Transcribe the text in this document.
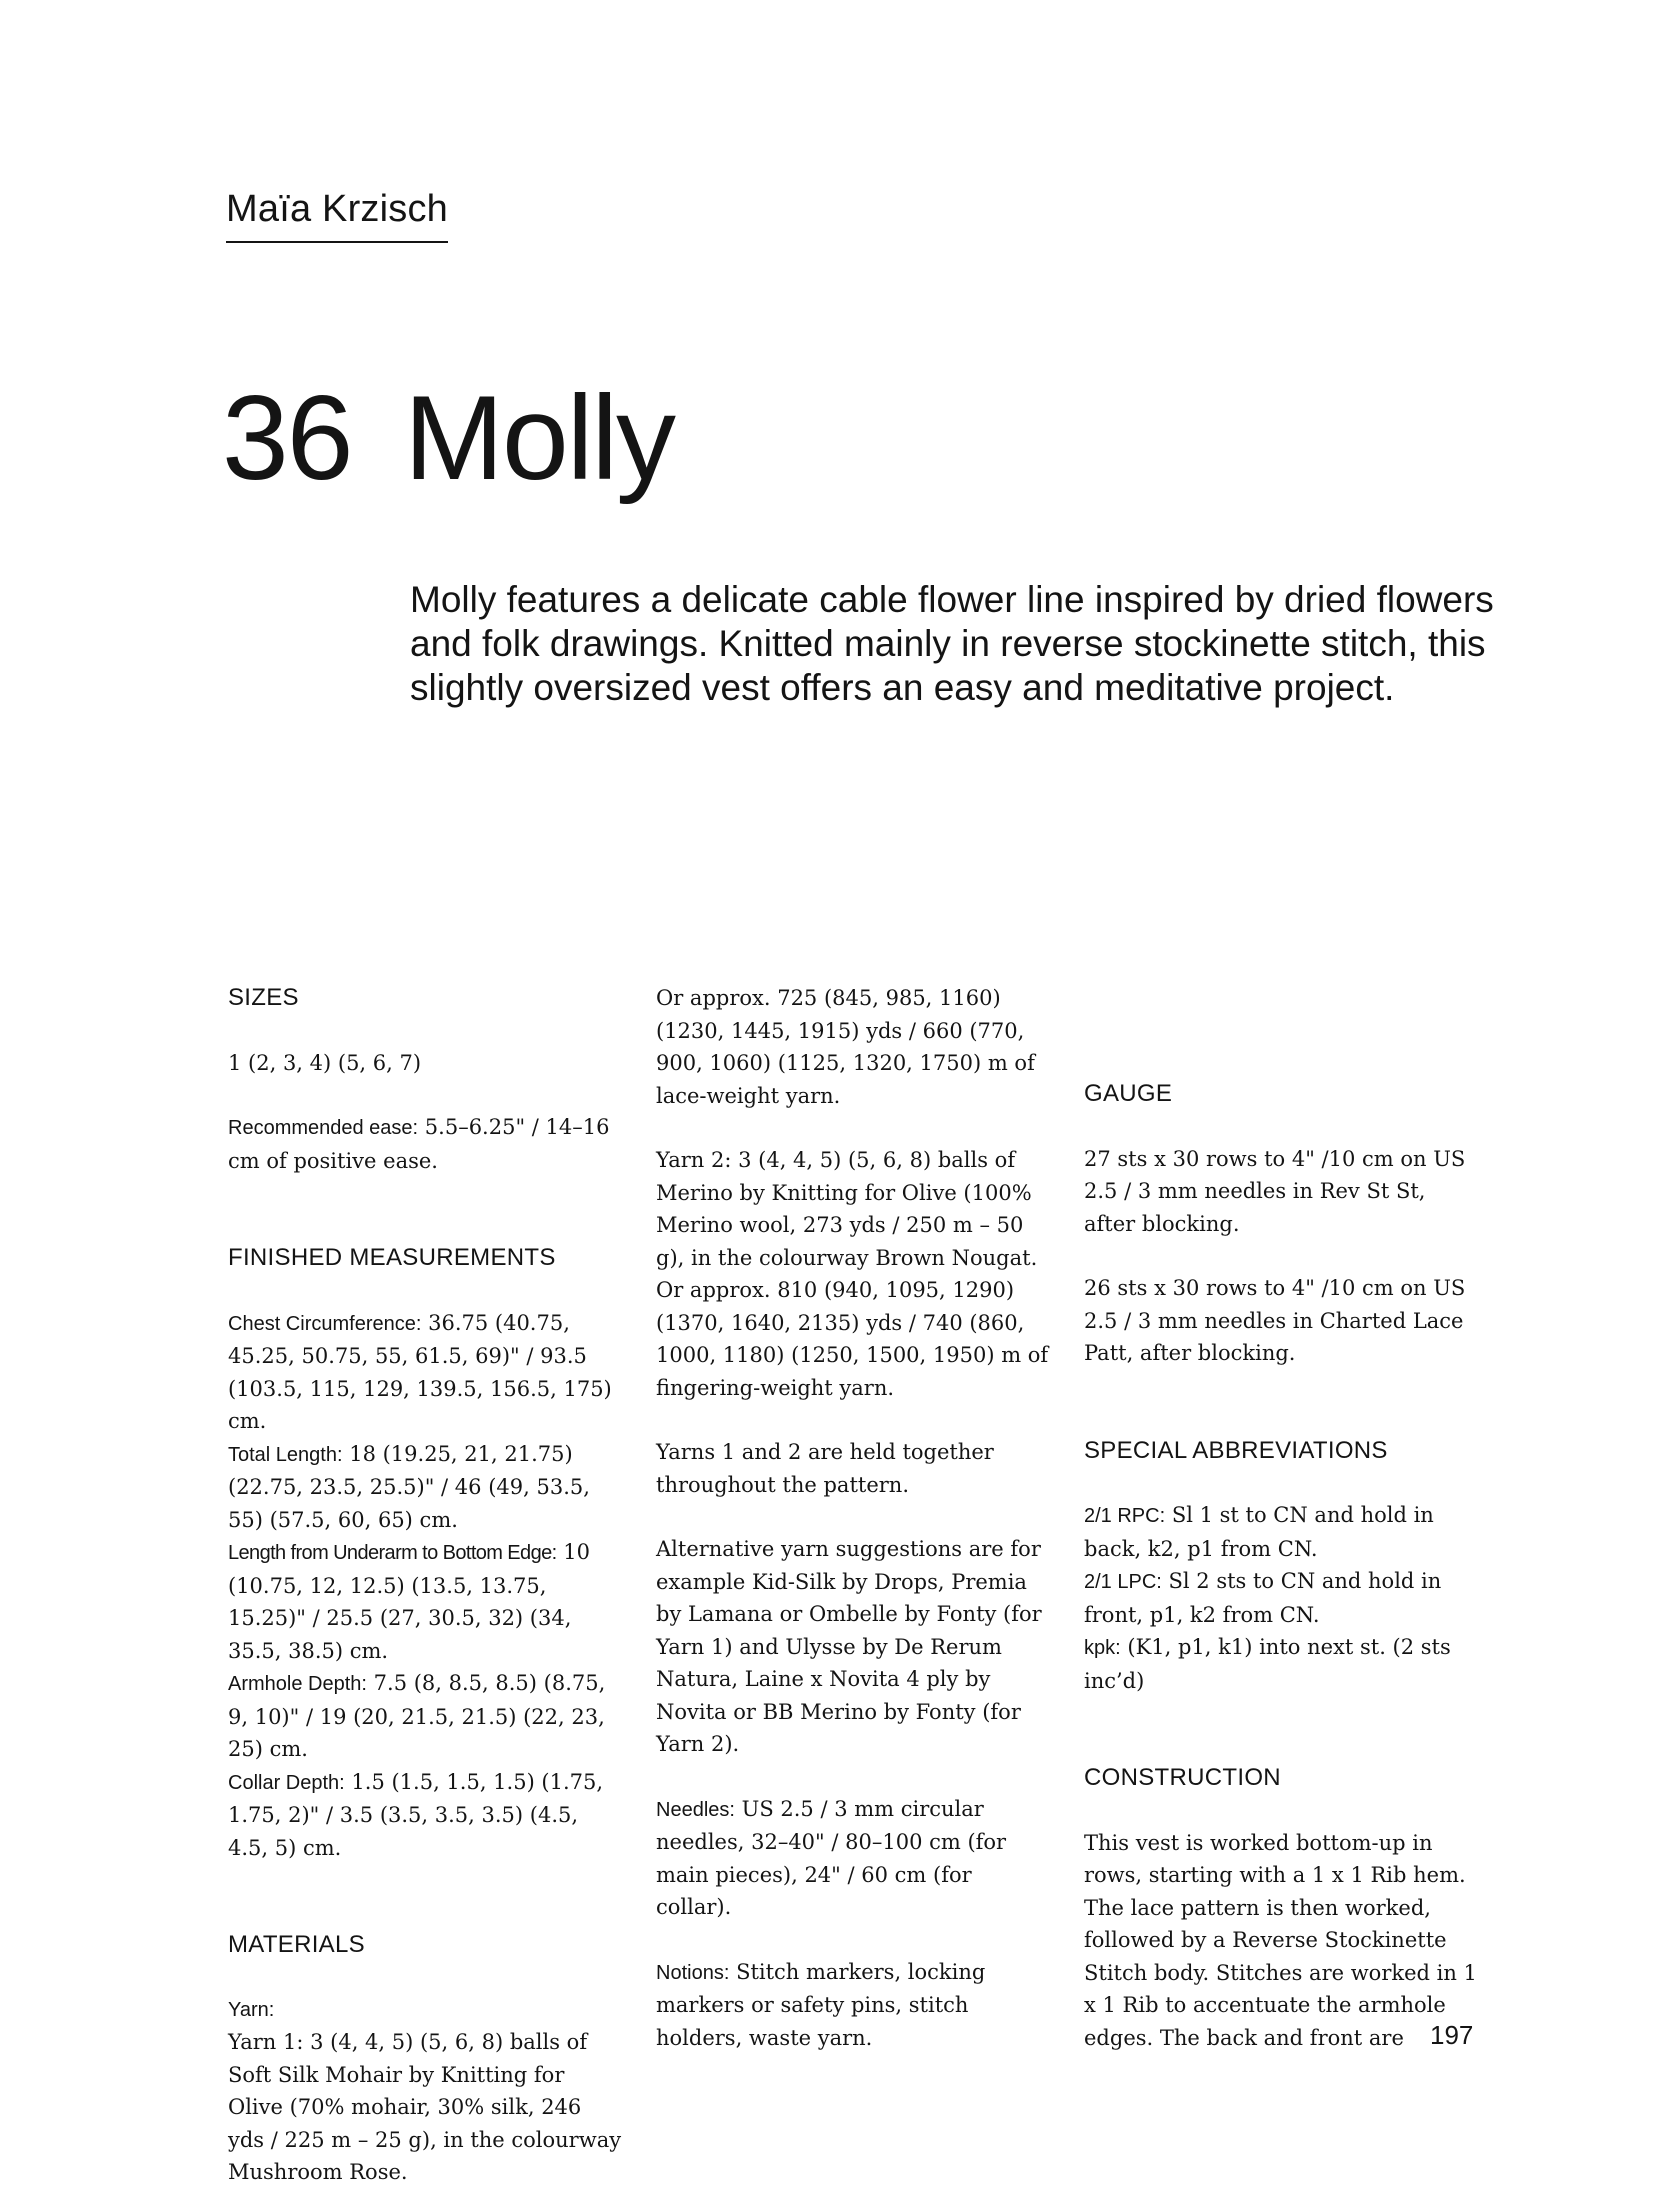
Maïa Krzisch
36 Molly

Molly features a delicate cable flower line inspired by dried flowers and folk drawings. Knitted mainly in reverse stockinette stitch, this slightly oversized vest offers an easy and meditative project.

SIZES

1 (2, 3, 4) (5, 6, 7)

Recommended ease: 5.5–6.25" / 14–16 cm of positive ease.

FINISHED MEASUREMENTS

Chest Circumference: 36.75 (40.75, 45.25, 50.75, 55, 61.5, 69)" / 93.5 (103.5, 115, 129, 139.5, 156.5, 175) cm.

Total Length: 18 (19.25, 21, 21.75) (22.75, 23.5, 25.5)" / 46 (49, 53.5, 55) (57.5, 60, 65) cm.

Length from Underarm to Bottom Edge: 10 (10.75, 12, 12.5) (13.5, 13.75, 15.25)" / 25.5 (27, 30.5, 32) (34, 35.5, 38.5) cm.

Armhole Depth: 7.5 (8, 8.5, 8.5) (8.75, 9, 10)" / 19 (20, 21.5, 21.5) (22, 23, 25) cm.

Collar Depth: 1.5 (1.5, 1.5, 1.5) (1.75, 1.75, 2)" / 3.5 (3.5, 3.5, 3.5) (4.5, 4.5, 5) cm.

MATERIALS

Yarn:

Yarn 1: 3 (4, 4, 5) (5, 6, 8) balls of Soft Silk Mohair by Knitting for Olive (70% mohair, 30% silk, 246 yds / 225 m – 25 g), in the colourway Mushroom Rose.

Or approx. 725 (845, 985, 1160) (1230, 1445, 1915) yds / 660 (770, 900, 1060) (1125, 1320, 1750) m of lace-weight yarn.

Yarn 2: 3 (4, 4, 5) (5, 6, 8) balls of Merino by Knitting for Olive (100% Merino wool, 273 yds / 250 m – 50 g), in the colourway Brown Nougat.

Or approx. 810 (940, 1095, 1290) (1370, 1640, 2135) yds / 740 (860, 1000, 1180) (1250, 1500, 1950) m of fingering-weight yarn.

Yarns 1 and 2 are held together throughout the pattern.

Alternative yarn suggestions are for example Kid-Silk by Drops, Premia by Lamana or Ombelle by Fonty (for Yarn 1) and Ulysse by De Rerum Natura, Laine x Novita 4 ply by Novita or BB Merino by Fonty (for Yarn 2).

Needles: US 2.5 / 3 mm circular needles, 32–40" / 80–100 cm (for main pieces), 24" / 60 cm (for collar).

Notions: Stitch markers, locking markers or safety pins, stitch holders, waste yarn.

GAUGE

27 sts x 30 rows to 4" /10 cm on US 2.5 / 3 mm needles in Rev St St, after blocking.

26 sts x 30 rows to 4" /10 cm on US 2.5 / 3 mm needles in Charted Lace Patt, after blocking.

SPECIAL ABBREVIATIONS

2/1 RPC: Sl 1 st to CN and hold in back, k2, p1 from CN.

2/1 LPC: Sl 2 sts to CN and hold in front, p1, k2 from CN.

kpk: (K1, p1, k1) into next st. (2 sts inc’d)

CONSTRUCTION

This vest is worked bottom-up in rows, starting with a 1 x 1 Rib hem. The lace pattern is then worked, followed by a Reverse Stockinette Stitch body. Stitches are worked in 1 x 1 Rib to accentuate the armhole edges. The back and front are	197
